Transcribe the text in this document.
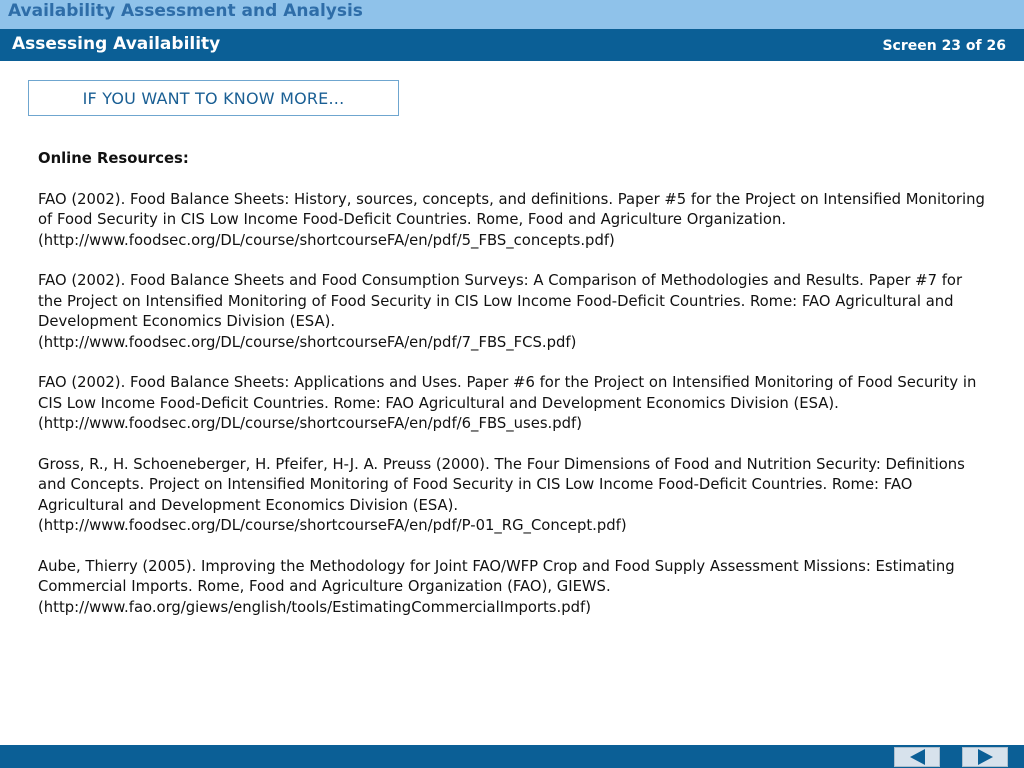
Availability Assessment and Analysis
Assessing Availability	Screen 23 of 26
IF YOU WANT TO KNOW MORE...
Online Resources:

FAO (2002). Food Balance Sheets: History, sources, concepts, and definitions. Paper #5 for the Project on Intensified Monitoring of Food Security in CIS Low Income Food-Deficit Countries. Rome, Food and Agriculture Organization.
(http://www.foodsec.org/DL/course/shortcourseFA/en/pdf/5_FBS_concepts.pdf)

FAO (2002). Food Balance Sheets and Food Consumption Surveys: A Comparison of Methodologies and Results. Paper #7 for the Project on Intensified Monitoring of Food Security in CIS Low Income Food-Deficit Countries. Rome: FAO Agricultural and Development Economics Division (ESA).
(http://www.foodsec.org/DL/course/shortcourseFA/en/pdf/7_FBS_FCS.pdf)

FAO (2002). Food Balance Sheets: Applications and Uses. Paper #6 for the Project on Intensified Monitoring of Food Security in CIS Low Income Food-Deficit Countries. Rome: FAO Agricultural and Development Economics Division (ESA).
(http://www.foodsec.org/DL/course/shortcourseFA/en/pdf/6_FBS_uses.pdf)

Gross, R., H. Schoeneberger, H. Pfeifer, H-J. A. Preuss (2000). The Four Dimensions of Food and Nutrition Security: Definitions and Concepts. Project on Intensified Monitoring of Food Security in CIS Low Income Food-Deficit Countries. Rome: FAO Agricultural and Development Economics Division (ESA).
(http://www.foodsec.org/DL/course/shortcourseFA/en/pdf/P-01_RG_Concept.pdf)

Aube, Thierry (2005). Improving the Methodology for Joint FAO/WFP Crop and Food Supply Assessment Missions: Estimating Commercial Imports. Rome, Food and Agriculture Organization (FAO), GIEWS.
(http://www.fao.org/giews/english/tools/EstimatingCommercialImports.pdf)
